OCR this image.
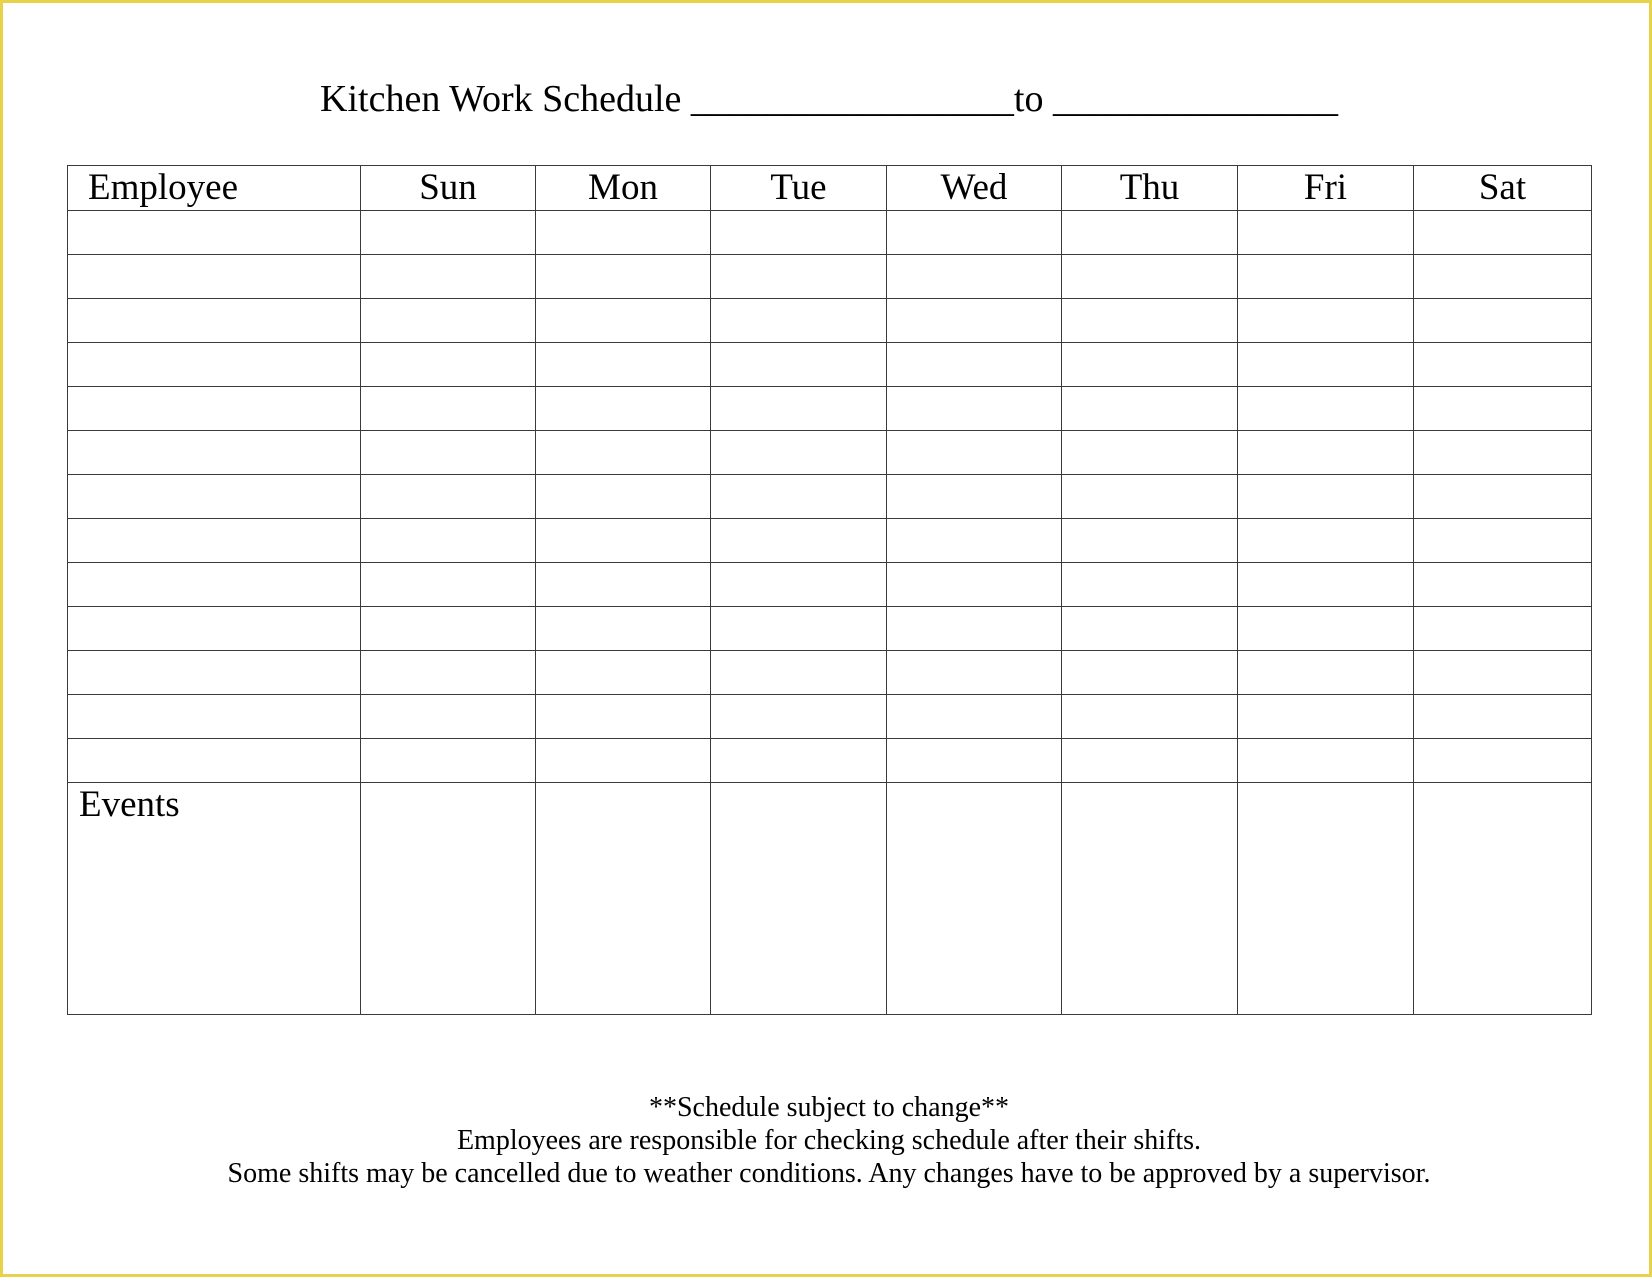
Kitchen Work Schedule _________________to _______________
Employee	Sun	Mon	Tue	Wed	Thu	Fri	Sat

Events							

**Schedule subject to change**
Employees are responsible for checking schedule after their shifts.
Some shifts may be cancelled due to weather conditions. Any changes have to be approved by a supervisor.
